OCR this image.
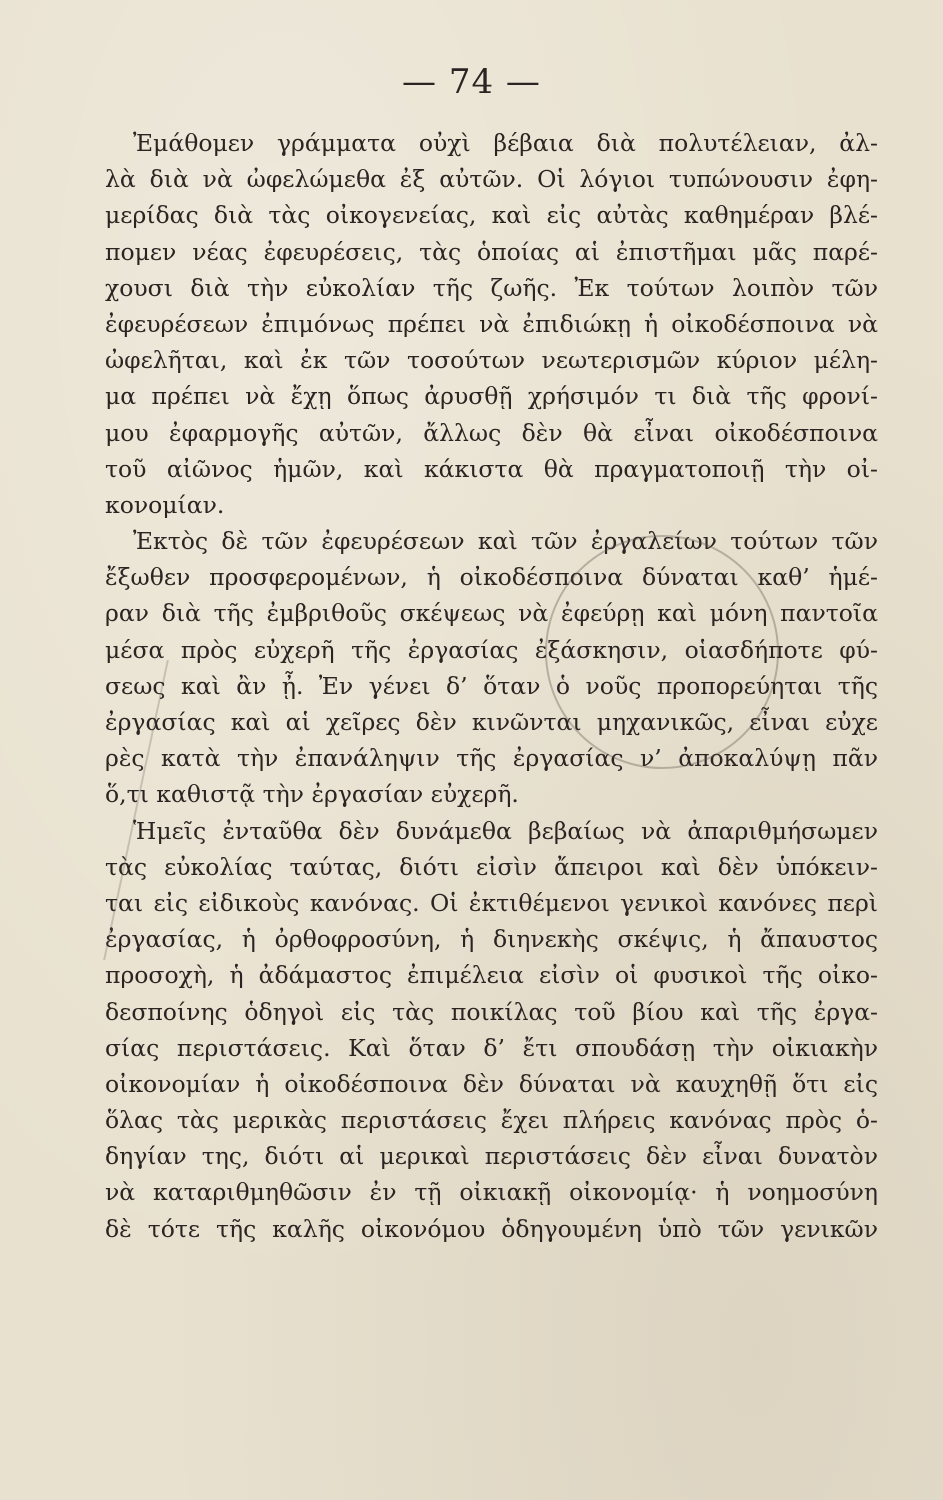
— 74 —
Ἐμάθομεν γράμματα οὐχὶ βέβαια διὰ πολυτέλειαν, ἀλ-
λὰ διὰ νὰ ὠφελώμεθα ἐξ αὐτῶν. Οἱ λόγιοι τυπώνουσιν ἐφη-
μερίδας διὰ τὰς οἰκογενείας, καὶ εἰς αὐτὰς καθημέραν βλέ-
πομεν νέας ἐφευρέσεις, τὰς ὁποίας αἱ ἐπιστῆμαι μᾶς παρέ-
χουσι διὰ τὴν εὐκολίαν τῆς ζωῆς. Ἐκ τούτων λοιπὸν τῶν
ἐφευρέσεων ἐπιμόνως πρέπει νὰ ἐπιδιώκῃ ἡ οἰκοδέσποινα νὰ
ὠφελῆται, καὶ ἐκ τῶν τοσούτων νεωτερισμῶν κύριον μέλη-
μα πρέπει νὰ ἔχῃ ὅπως ἀρυσθῇ χρήσιμόν τι διὰ τῆς φρονί-
μου ἐφαρμογῆς αὐτῶν, ἄλλως δὲν θὰ εἶναι οἰκοδέσποινα
τοῦ αἰῶνος ἡμῶν, καὶ κάκιστα θὰ πραγματοποιῇ τὴν οἰ-
κονομίαν.
Ἐκτὸς δὲ τῶν ἐφευρέσεων καὶ τῶν ἐργαλείων τούτων τῶν
ἔξωθεν προσφερομένων, ἡ οἰκοδέσποινα δύναται καθ’ ἡμέ-
ραν διὰ τῆς ἐμβριθοῦς σκέψεως νὰ ἐφεύρῃ καὶ μόνη παντοῖα
μέσα πρὸς εὐχερῆ τῆς ἐργασίας ἐξάσκησιν, οἱασδήποτε φύ-
σεως καὶ ἂν ᾖ. Ἐν γένει δ’ ὅταν ὁ νοῦς προπορεύηται τῆς
ἐργασίας καὶ αἱ χεῖρες δὲν κινῶνται μηχανικῶς, εἶναι εὐχε
ρὲς κατὰ τὴν ἐπανάληψιν τῆς ἐργασίας ν’ ἀποκαλύψῃ πᾶν
ὅ,τι καθιστᾷ τὴν ἐργασίαν εὐχερῆ.
Ἡμεῖς ἐνταῦθα δὲν δυνάμεθα βεβαίως νὰ ἀπαριθμήσωμεν
τὰς εὐκολίας ταύτας, διότι εἰσὶν ἄπειροι καὶ δὲν ὑπόκειν-
ται εἰς εἰδικοὺς κανόνας. Οἱ ἐκτιθέμενοι γενικοὶ κανόνες περὶ
ἐργασίας, ἡ ὀρθοφροσύνη, ἡ διηνεκὴς σκέψις, ἡ ἄπαυστος
προσοχὴ, ἡ ἀδάμαστος ἐπιμέλεια εἰσὶν οἱ φυσικοὶ τῆς οἰκο-
δεσποίνης ὁδηγοὶ εἰς τὰς ποικίλας τοῦ βίου καὶ τῆς ἐργα-
σίας περιστάσεις. Καὶ ὅταν δ’ ἔτι σπουδάσῃ τὴν οἰκιακὴν
οἰκονομίαν ἡ οἰκοδέσποινα δὲν δύναται νὰ καυχηθῇ ὅτι εἰς
ὅλας τὰς μερικὰς περιστάσεις ἔχει πλήρεις κανόνας πρὸς ὁ-
δηγίαν της, διότι αἱ μερικαὶ περιστάσεις δὲν εἶναι δυνατὸν
νὰ καταριθμηθῶσιν ἐν τῇ οἰκιακῇ οἰκονομίᾳ· ἡ νοημοσύνη
δὲ τότε τῆς καλῆς οἰκονόμου ὁδηγουμένη ὑπὸ τῶν γενικῶν
